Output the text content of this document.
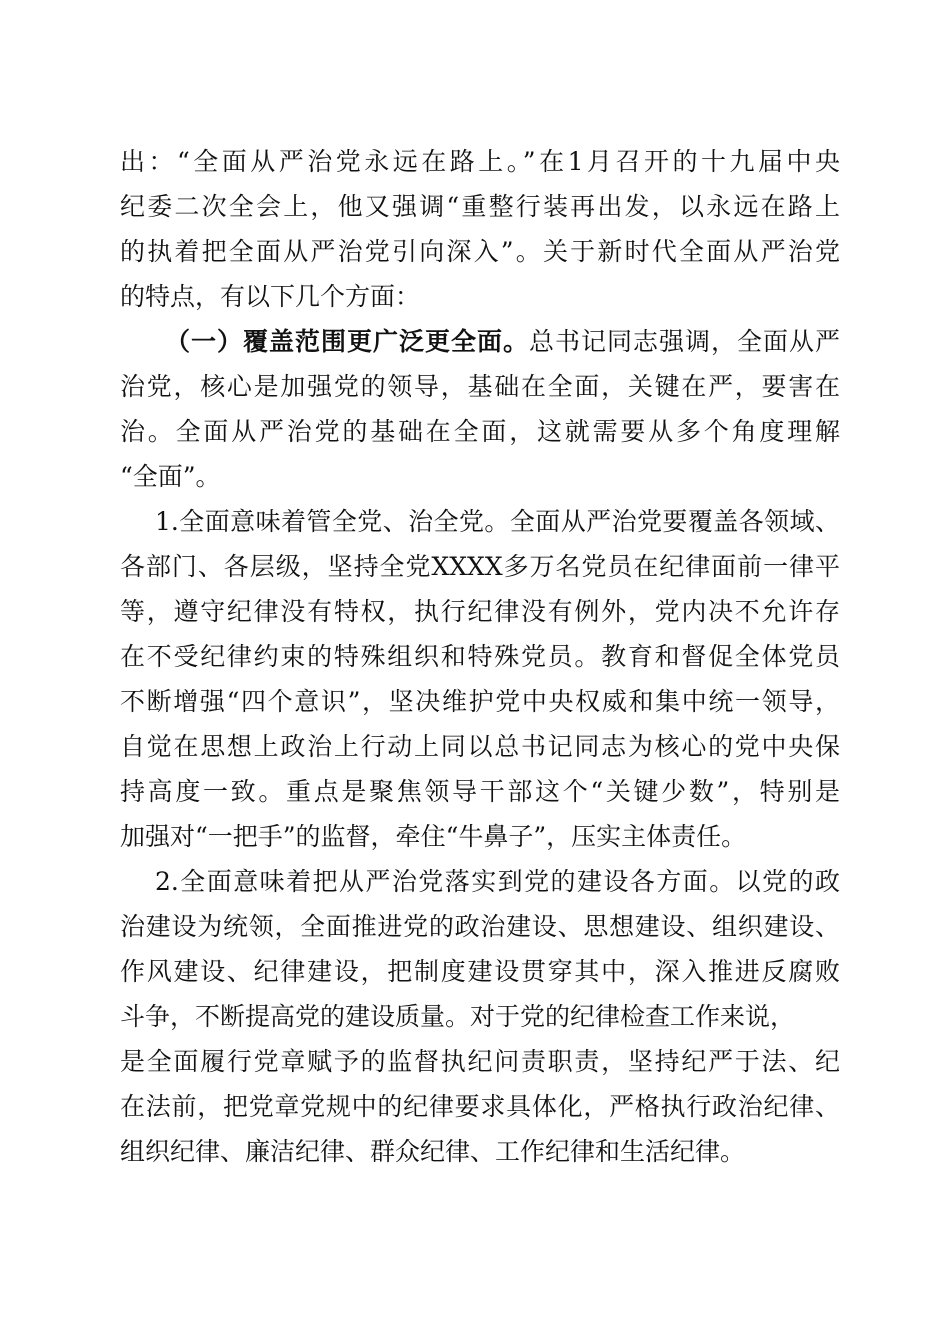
出：“全面从严治党永远在路上。”在1月召开的十九届中央
纪委二次全会上，他又强调“重整行装再出发，以永远在路上
的执着把全面从严治党引向深入”。关于新时代全面从严治党
的特点，有以下几个方面：
（一）覆盖范围更广泛更全面。总书记同志强调，全面从严
治党，核心是加强党的领导，基础在全面，关键在严，要害在
治。全面从严治党的基础在全面，这就需要从多个角度理解
“全面”。
1.全面意味着管全党、治全党。全面从严治党要覆盖各领域、
各部门、各层级，坚持全党XXXX多万名党员在纪律面前一律平
等，遵守纪律没有特权，执行纪律没有例外，党内决不允许存
在不受纪律约束的特殊组织和特殊党员。教育和督促全体党员
不断增强“四个意识”，坚决维护党中央权威和集中统一领导，
自觉在思想上政治上行动上同以总书记同志为核心的党中央保
持高度一致。重点是聚焦领导干部这个“关键少数”，特别是
加强对“一把手”的监督，牵住“牛鼻子”，压实主体责任。
2.全面意味着把从严治党落实到党的建设各方面。以党的政
治建设为统领，全面推进党的政治建设、思想建设、组织建设、
作风建设、纪律建设，把制度建设贯穿其中，深入推进反腐败
斗争，不断提高党的建设质量。对于党的纪律检查工作来说，
是全面履行党章赋予的监督执纪问责职责，坚持纪严于法、纪
在法前，把党章党规中的纪律要求具体化，严格执行政治纪律、
组织纪律、廉洁纪律、群众纪律、工作纪律和生活纪律。
